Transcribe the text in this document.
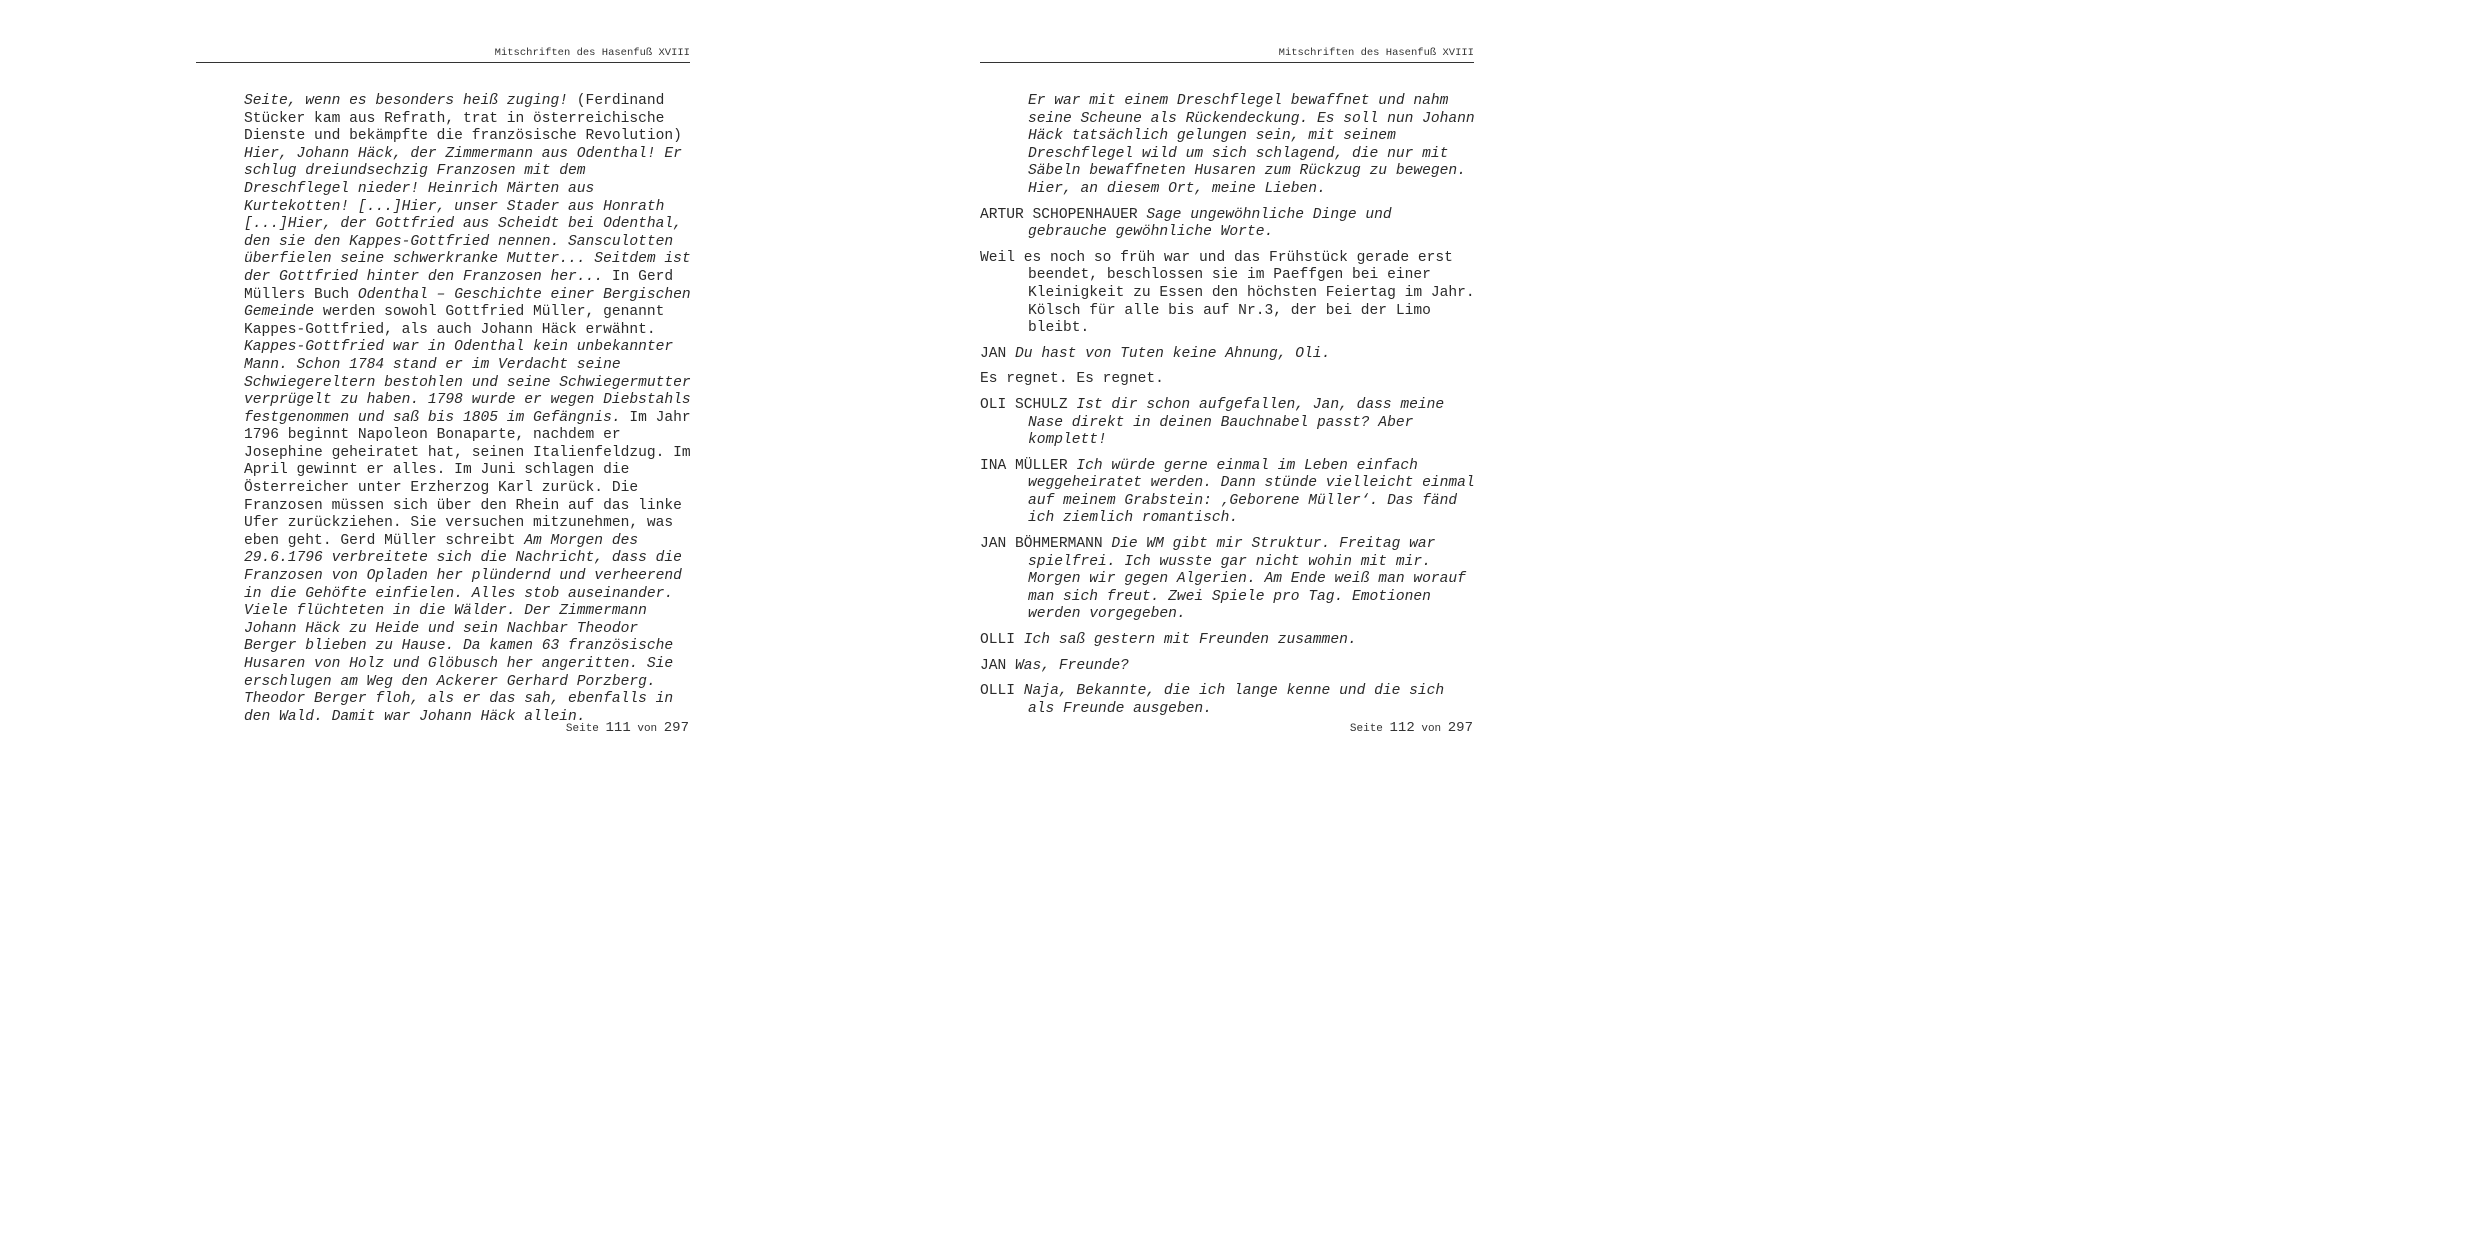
Mitschriften des Hasenfuß XVIII

Seite, wenn es besonders heiß zuging! (Ferdinand Stücker kam aus Refrath, trat in österreichische Dienste und bekämpfte die französische Revolution) Hier, Johann Häck, der Zimmermann aus Odenthal! Er schlug dreiundsechzig Franzosen mit dem Dreschflegel nieder! Heinrich Märten aus Kurtekotten! [...]Hier, unser Stader aus Honrath [...]Hier, der Gottfried aus Scheidt bei Odenthal, den sie den Kappes-Gottfried nennen. Sansculotten überfielen seine schwerkranke Mutter... Seitdem ist der Gottfried hinter den Franzosen her... In Gerd Müllers Buch Odenthal – Geschichte einer Bergischen Gemeinde werden sowohl Gottfried Müller, genannt Kappes-Gottfried, als auch Johann Häck erwähnt. Kappes-Gottfried war in Odenthal kein unbekannter Mann. Schon 1784 stand er im Verdacht seine Schwiegereltern bestohlen und seine Schwiegermutter verprügelt zu haben. 1798 wurde er wegen Diebstahls festgenommen und saß bis 1805 im Gefängnis. Im Jahr 1796 beginnt Napoleon Bonaparte, nachdem er Josephine geheiratet hat, seinen Italienfeldzug. Im April gewinnt er alles. Im Juni schlagen die Österreicher unter Erzherzog Karl zurück. Die Franzosen müssen sich über den Rhein auf das linke Ufer zurückziehen. Sie versuchen mitzunehmen, was eben geht. Gerd Müller schreibt Am Morgen des 29.6.1796 verbreitete sich die Nachricht, dass die Franzosen von Opladen her plündernd und verheerend in die Gehöfte einfielen. Alles stob auseinander. Viele flüchteten in die Wälder. Der Zimmermann Johann Häck zu Heide und sein Nachbar Theodor Berger blieben zu Hause. Da kamen 63 französische Husaren von Holz und Glöbusch her angeritten. Sie erschlugen am Weg den Ackerer Gerhard Porzberg. Theodor Berger floh, als er das sah, ebenfalls in den Wald. Damit war Johann Häck allein.

Seite 111 von 297
Mitschriften des Hasenfuß XVIII

Er war mit einem Dreschflegel bewaffnet und nahm seine Scheune als Rückendeckung. Es soll nun Johann Häck tatsächlich gelungen sein, mit seinem Dreschflegel wild um sich schlagend, die nur mit Säbeln bewaffneten Husaren zum Rückzug zu bewegen. Hier, an diesem Ort, meine Lieben.

ARTUR SCHOPENHAUER Sage ungewöhnliche Dinge und gebrauche gewöhnliche Worte.

Weil es noch so früh war und das Frühstück gerade erst beendet, beschlossen sie im Paeffgen bei einer Kleinigkeit zu Essen den höchsten Feiertag im Jahr. Kölsch für alle bis auf Nr.3, der bei der Limo bleibt.

JAN Du hast von Tuten keine Ahnung, Oli.

Es regnet. Es regnet.

OLI SCHULZ Ist dir schon aufgefallen, Jan, dass meine Nase direkt in deinen Bauchnabel passt? Aber komplett!

INA MÜLLER Ich würde gerne einmal im Leben einfach weggeheiratet werden. Dann stünde vielleicht einmal auf meinem Grabstein: ‚Geborene Müller‘. Das fänd ich ziemlich romantisch.

JAN BÖHMERMANN Die WM gibt mir Struktur. Freitag war spielfrei. Ich wusste gar nicht wohin mit mir. Morgen wir gegen Algerien. Am Ende weiß man worauf man sich freut. Zwei Spiele pro Tag. Emotionen werden vorgegeben.

OLLI Ich saß gestern mit Freunden zusammen.

JAN Was, Freunde?

OLLI Naja, Bekannte, die ich lange kenne und die sich als Freunde ausgeben.

Seite 112 von 297
